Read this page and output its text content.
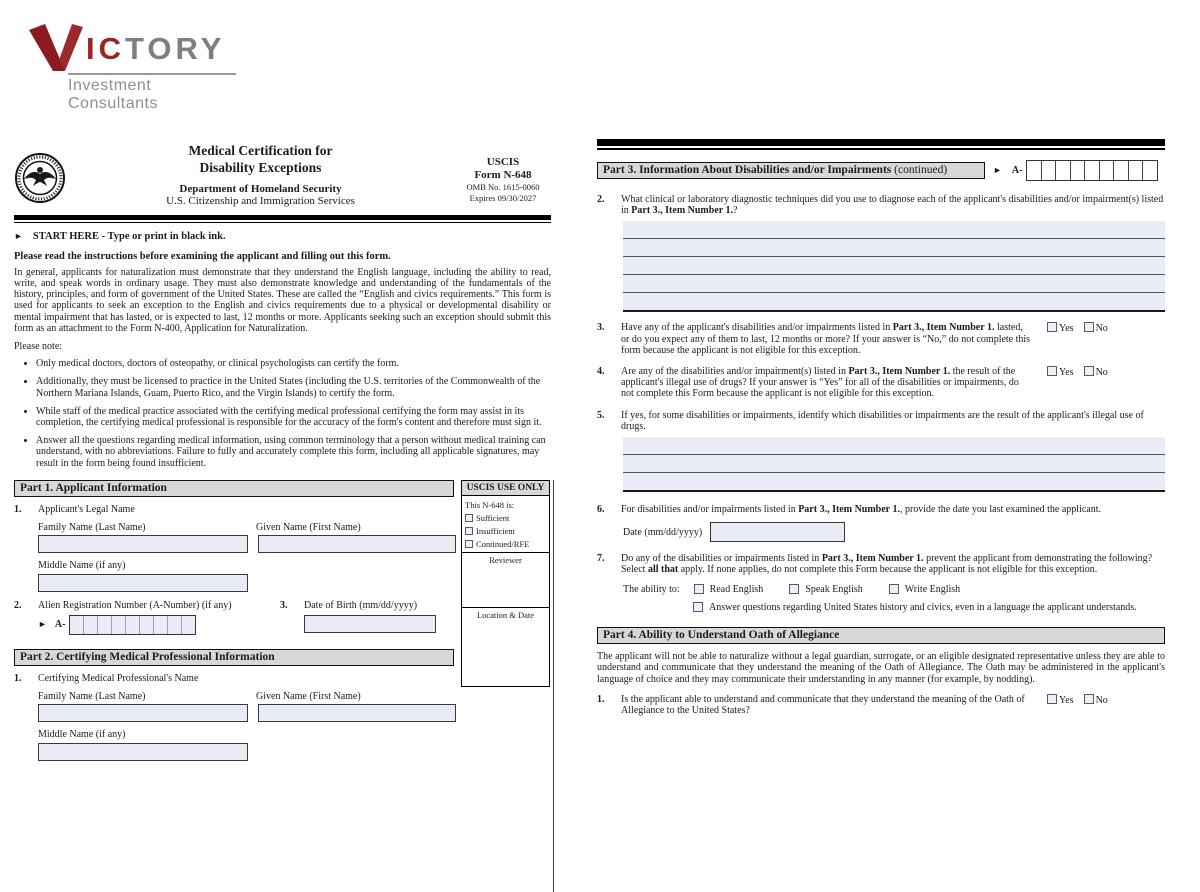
ICTORY
Investment Consultants
Medical Certification for
Disability Exceptions
Department of Homeland Security
U.S. Citizenship and Immigration Services
USCIS
Form N-648
OMB No. 1615-0060
Expires 09/30/2027
► START HERE - Type or print in black ink.
Please read the instructions before examining the applicant and filling out this form.

In general, applicants for naturalization must demonstrate that they understand the English language, including the ability to read, write, and speak words in ordinary usage. They must also demonstrate knowledge and understanding of the fundamentals of the history, principles, and form of government of the United States. These are called the “English and civics requirements.” This form is used for applicants to seek an exception to the English and civics requirements due to a physical or developmental disability or mental impairment that has lasted, or is expected to last, 12 months or more. Applicants seeking such an exception should submit this form as an attachment to the Form N-400, Application for Naturalization.

Please note:
• Only medical doctors, doctors of osteopathy, or clinical psychologists can certify the form.
• Additionally, they must be licensed to practice in the United States (including the U.S. territories of the Commonwealth of the Northern Mariana Islands, Guam, Puerto Rico, and the Virgin Islands) to certify the form.
• While staff of the medical practice associated with the certifying medical professional certifying the form may assist in its completion, the certifying medical professional is responsible for the accuracy of the form's content and therefore must sign it.
• Answer all the questions regarding medical information, using common terminology that a person without medical training can understand, with no abbreviations. Failure to fully and accurately complete this form, including all applicable signatures, may result in the form being found insufficient.
Part 1. Applicant Information
1.	Applicant's Legal Name
Family Name (Last Name)	Given Name (First Name)
Middle Name (if any)
2.	Alien Registration Number (A-Number) (if any)
► A-
3.	Date of Birth (mm/dd/yyyy)
USCIS USE ONLY
This N-648 is:
Sufficient
Insufficient
Continued/RFE
Reviewer
Location & Date
Part 2. Certifying Medical Professional Information
1.	Certifying Medical Professional's Name
Family Name (Last Name)	Given Name (First Name)
Middle Name (if any)
Part 3. Information About Disabilities and/or Impairments (continued)	► A-
2.	What clinical or laboratory diagnostic techniques did you use to diagnose each of the applicant's disabilities and/or impairment(s) listed in Part 3., Item Number 1.?
3.	Have any of the applicant's disabilities and/or impairments listed in Part 3., Item Number 1. lasted, or do you expect any of them to last, 12 months or more? If your answer is “No,” do not complete this form because the applicant is not eligible for this exception.
Yes No
4.	Are any of the disabilities and/or impairment(s) listed in Part 3., Item Number 1. the result of the applicant's illegal use of drugs? If your answer is “Yes” for all of the disabilities or impairments, do not complete this Form because the applicant is not eligible for this exception.
Yes No
5.	If yes, for some disabilities or impairments, identify which disabilities or impairments are the result of the applicant's illegal use of drugs.
6.	For disabilities and/or impairments listed in Part 3., Item Number 1., provide the date you last examined the applicant.
Date (mm/dd/yyyy)
7.	Do any of the disabilities or impairments listed in Part 3., Item Number 1. prevent the applicant from demonstrating the following? Select all that apply. If none applies, do not complete this Form because the applicant is not eligible for this exception.
The ability to:	Read English	Speak English	Write English
Answer questions regarding United States history and civics, even in a language the applicant understands.
Part 4. Ability to Understand Oath of Allegiance

The applicant will not be able to naturalize without a legal guardian, surrogate, or an eligible designated representative unless they are able to understand and communicate that they understand the meaning of the Oath of Allegiance. The Oath may be administered in the applicant's language of choice and they may communicate their understanding in any manner (for example, by nodding).

1.	Is the applicant able to understand and communicate that they understand the meaning of the Oath of Allegiance to the United States?
Yes No
